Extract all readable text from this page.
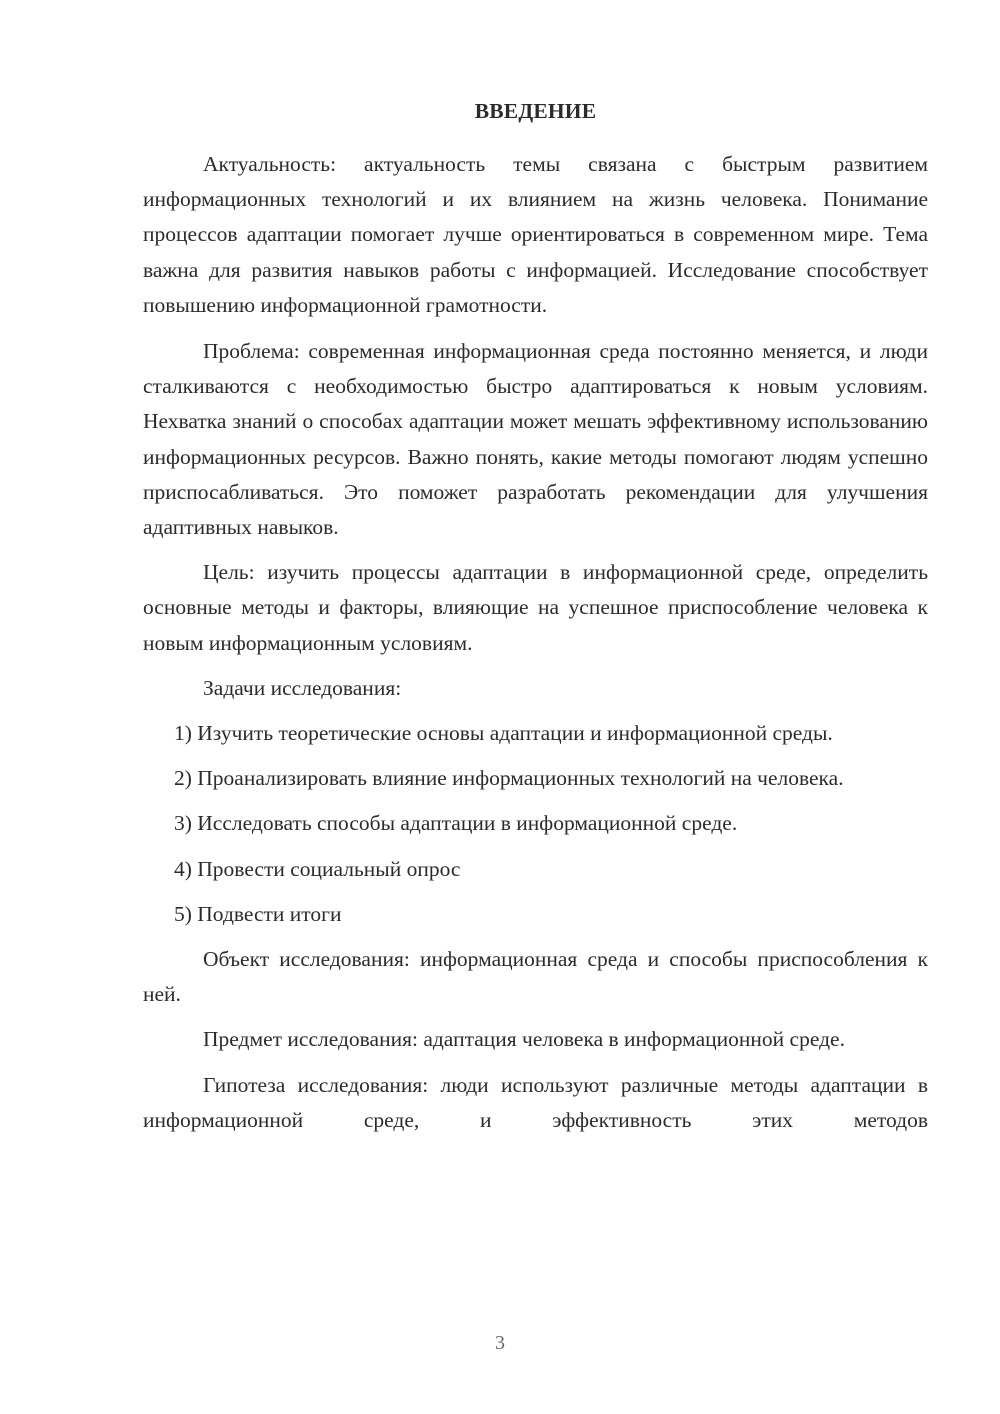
ВВЕДЕНИЕ

Актуальность: актуальность темы связана с быстрым развитием информационных технологий и их влиянием на жизнь человека. Понимание процессов адаптации помогает лучше ориентироваться в современном мире. Тема важна для развития навыков работы с информацией. Исследование способствует повышению информационной грамотности.

Проблема: современная информационная среда постоянно меняется, и люди сталкиваются с необходимостью быстро адаптироваться к новым условиям. Нехватка знаний о способах адаптации может мешать эффективному использованию информационных ресурсов. Важно понять, какие методы помогают людям успешно приспосабливаться. Это поможет разработать рекомендации для улучшения адаптивных навыков.

Цель: изучить процессы адаптации в информационной среде, определить основные методы и факторы, влияющие на успешное приспособление человека к новым информационным условиям.

Задачи исследования:

1) Изучить теоретические основы адаптации и информационной среды.

2) Проанализировать влияние информационных технологий на человека.

3) Исследовать способы адаптации в информационной среде.

4) Провести социальный опрос

5) Подвести итоги

Объект исследования: информационная среда и способы приспособления к ней.

Предмет исследования: адаптация человека в информационной среде.

Гипотеза исследования: люди используют различные методы адаптации в информационной среде, и эффективность этих методов

3
